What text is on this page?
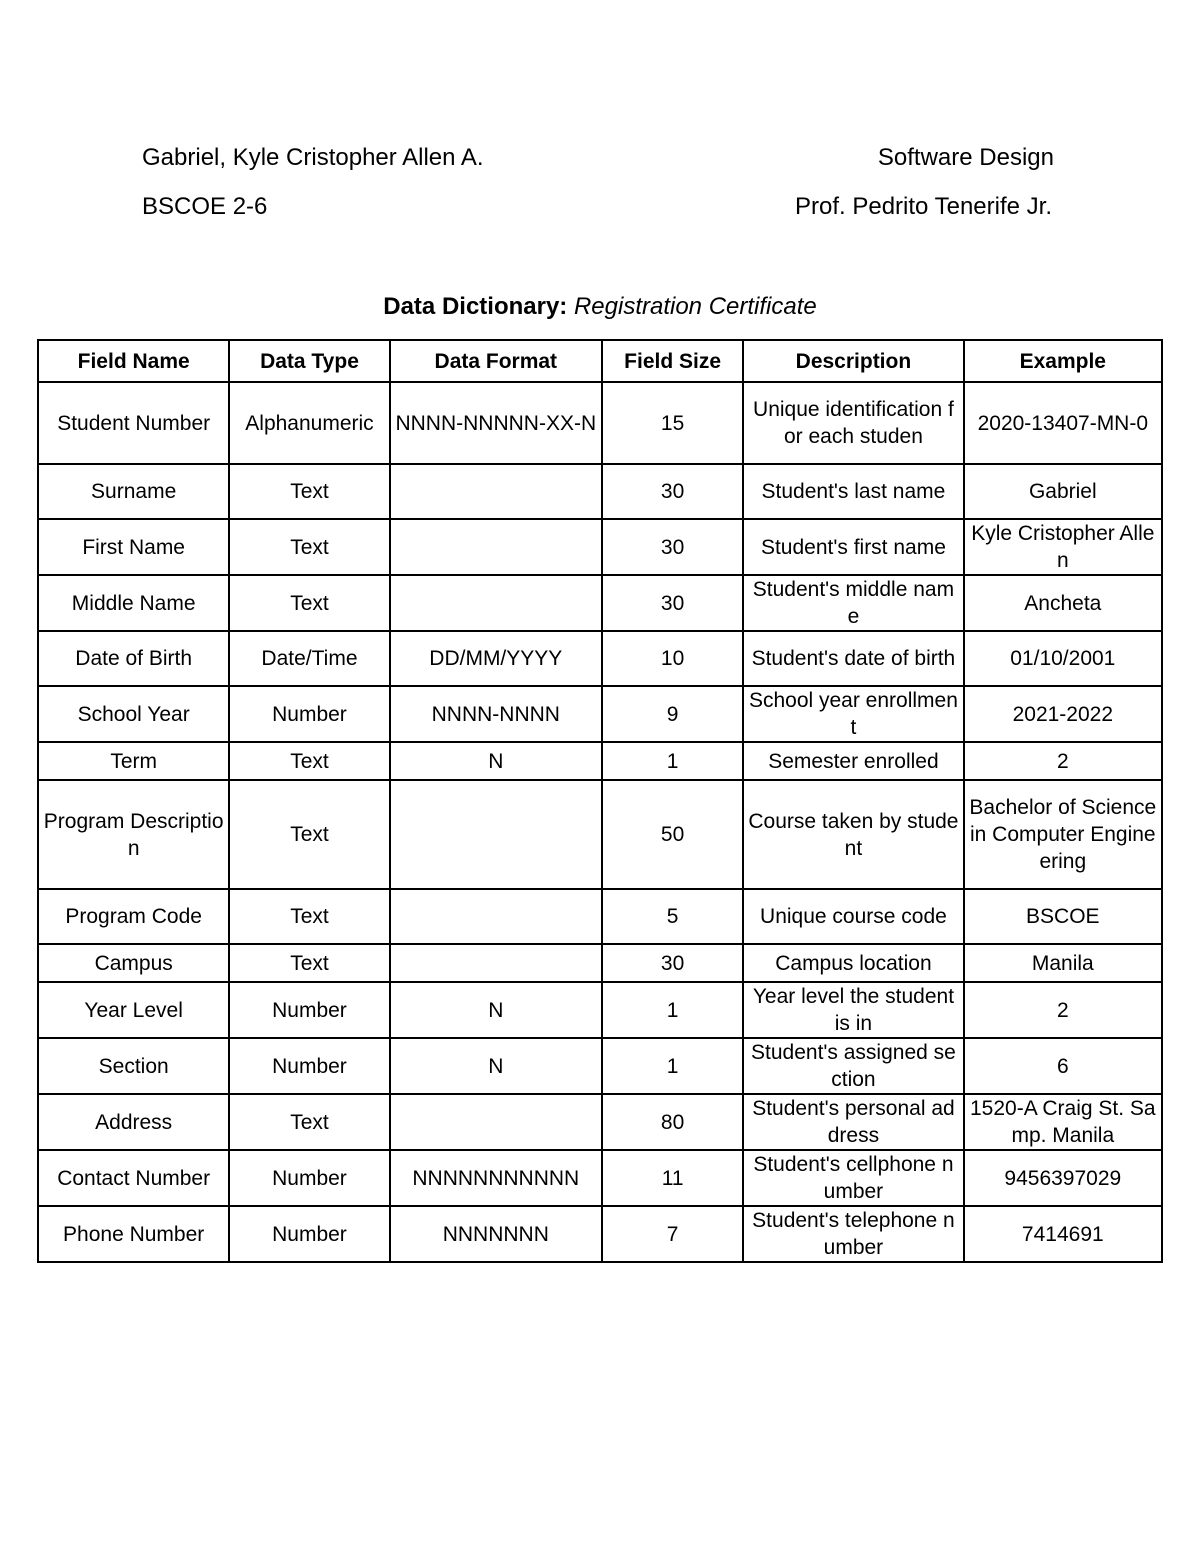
Gabriel, Kyle Cristopher Allen A.	Software Design
BSCOE 2-6	Prof. Pedrito Tenerife Jr.
Data Dictionary: Registration Certificate
Field Name	Data Type	Data Format	Field Size	Description	Example
Student Number	Alphanumeric	NNNN-NNNNN-XX-N	15	Unique identification for each studen	2020-13407-MN-0
Surname	Text		30	Student's last name	Gabriel
First Name	Text		30	Student's first name	Kyle Cristopher Allen
Middle Name	Text		30	Student's middle name	Ancheta
Date of Birth	Date/Time	DD/MM/YYYY	10	Student's date of birth	01/10/2001
School Year	Number	NNNN-NNNN	9	School year enrollment	2021-2022
Term	Text	N	1	Semester enrolled	2
Program Description	Text		50	Course taken by student	Bachelor of Science in Computer Engineering
Program Code	Text		5	Unique course code	BSCOE
Campus	Text		30	Campus location	Manila
Year Level	Number	N	1	Year level the student is in	2
Section	Number	N	1	Student's assigned section	6
Address	Text		80	Student's personal address	1520-A Craig St. Samp. Manila
Contact Number	Number	NNNNNNNNNNN	11	Student's cellphone number	9456397029
Phone Number	Number	NNNNNNN	7	Student's telephone number	7414691
